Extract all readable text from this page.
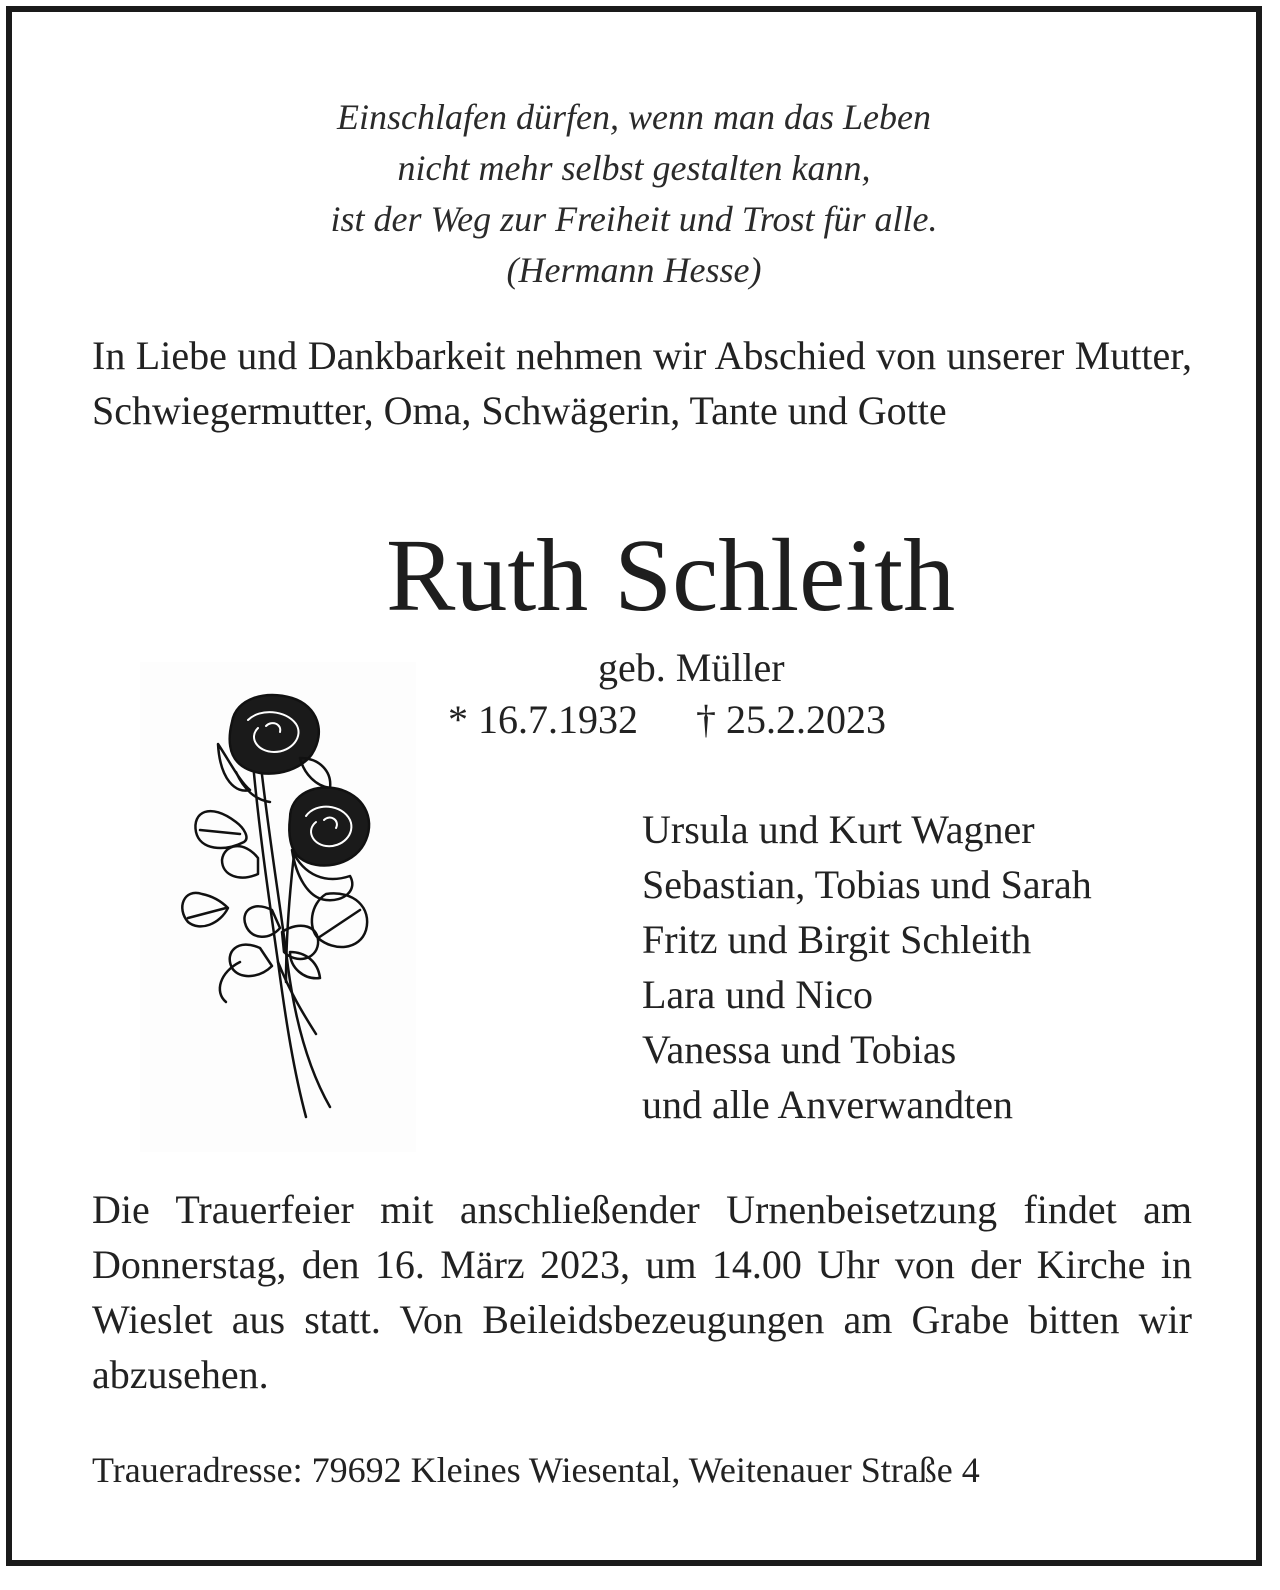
Einschlafen dürfen, wenn man das Leben
nicht mehr selbst gestalten kann,
ist der Weg zur Freiheit und Trost für alle.
(Hermann Hesse)
In Liebe und Dankbarkeit nehmen wir Abschied von unserer Mutter, Schwiegermutter, Oma, Schwägerin, Tante und Gotte
Ruth Schleith
geb. Müller
* 16.7.1932 † 25.2.2023
Ursula und Kurt Wagner
Sebastian, Tobias und Sarah
Fritz und Birgit Schleith
Lara und Nico
Vanessa und Tobias
und alle Anverwandten
Die Trauerfeier mit anschließender Urnenbeisetzung findet am Donnerstag, den 16. März 2023, um 14.00 Uhr von der Kirche in Wieslet aus statt. Von Beileidsbezeugungen am Grabe bitten wir abzusehen.
Traueradresse: 79692 Kleines Wiesental, Weitenauer Straße 4
